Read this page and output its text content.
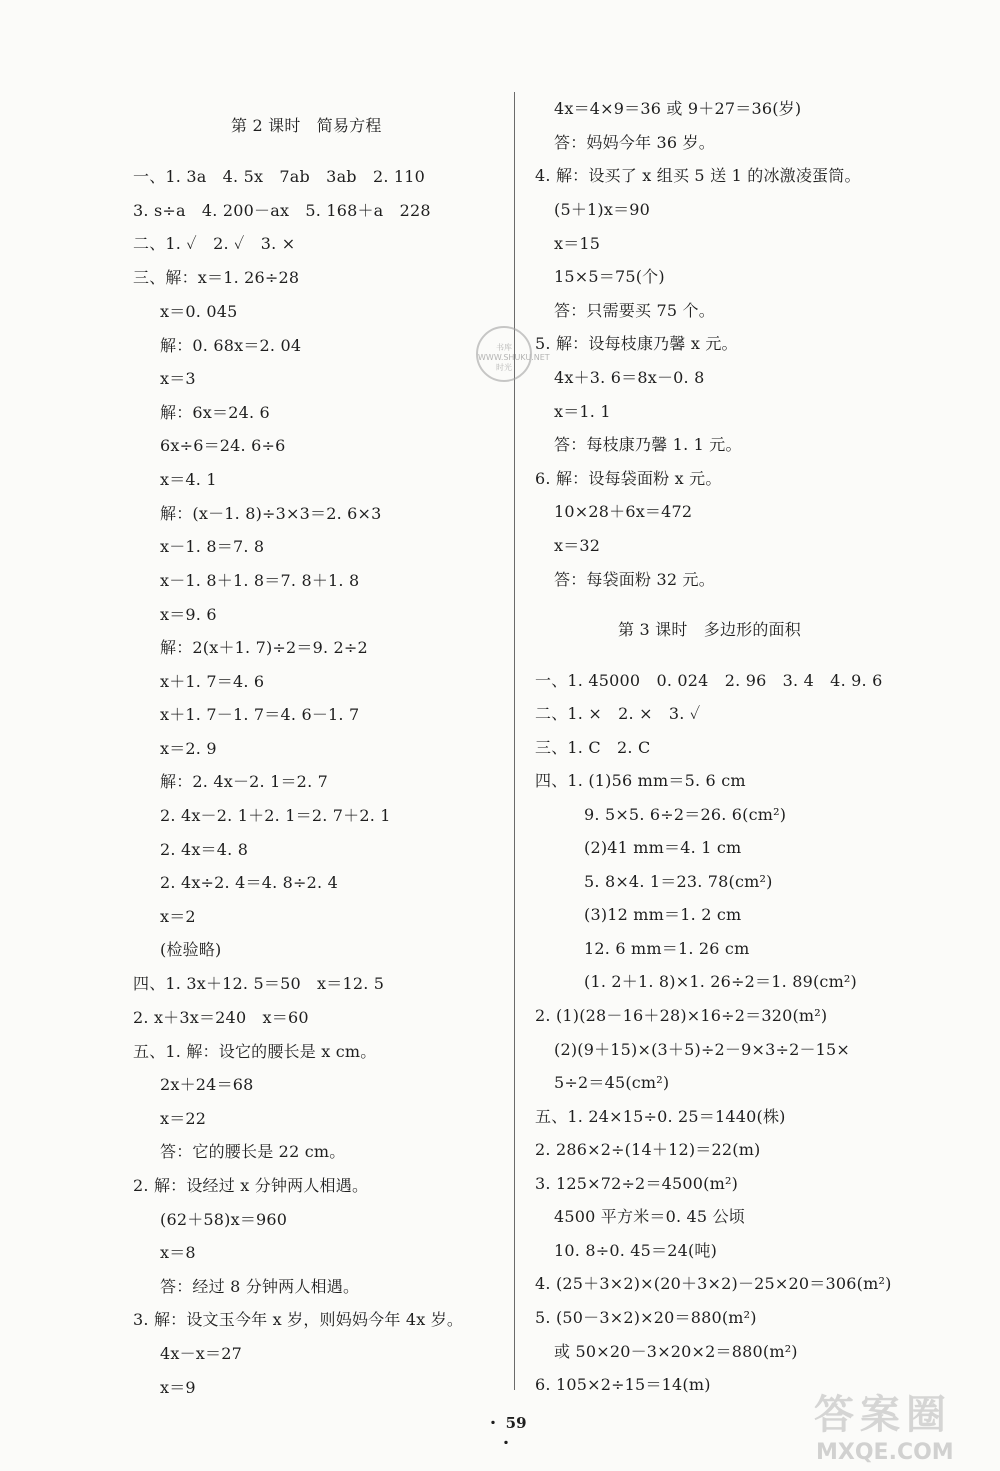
第 2 课时　简易方程
一、1. 3a　4. 5x　7ab　3ab　2. 110
3. s÷a　4. 200－ax　5. 168＋a　228
二、1. ✓　2. ✓　3. ×
三、解：x＝1. 26÷28
x＝0. 045
解：0. 68x＝2. 04
x＝3
解：6x＝24. 6
6x÷6＝24. 6÷6
x＝4. 1
解：(x－1. 8)÷3×3＝2. 6×3
x－1. 8＝7. 8
x－1. 8＋1. 8＝7. 8＋1. 8
x＝9. 6
解：2(x＋1. 7)÷2＝9. 2÷2
x＋1. 7＝4. 6
x＋1. 7－1. 7＝4. 6－1. 7
x＝2. 9
解：2. 4x－2. 1＝2. 7
2. 4x－2. 1＋2. 1＝2. 7＋2. 1
2. 4x＝4. 8
2. 4x÷2. 4＝4. 8÷2. 4
x＝2
(检验略)
四、1. 3x＋12. 5＝50　x＝12. 5
2. x＋3x＝240　x＝60
五、1. 解：设它的腰长是 x cm。
2x＋24＝68
x＝22
答：它的腰长是 22 cm。
2. 解：设经过 x 分钟两人相遇。
(62＋58)x＝960
x＝8
答：经过 8 分钟两人相遇。
3. 解：设文玉今年 x 岁，则妈妈今年 4x 岁。
4x－x＝27
x＝9
4x＝4×9＝36 或 9＋27＝36(岁)
答：妈妈今年 36 岁。
4. 解：设买了 x 组买 5 送 1 的冰激凌蛋筒。
(5＋1)x＝90
x＝15
15×5＝75(个)
答：只需要买 75 个。
5. 解：设每枝康乃馨 x 元。
4x＋3. 6＝8x－0. 8
x＝1. 1
答：每枝康乃馨 1. 1 元。
6. 解：设每袋面粉 x 元。
10×28＋6x＝472
x＝32
答：每袋面粉 32 元。
第 3 课时　多边形的面积
一、1. 45000　0. 024　2. 96　3. 4　4. 9. 6
二、1. ×　2. ×　3. ✓
三、1. C　2. C
四、1. (1)56 mm＝5. 6 cm
9. 5×5. 6÷2＝26. 6(cm²)
(2)41 mm＝4. 1 cm
5. 8×4. 1＝23. 78(cm²)
(3)12 mm＝1. 2 cm
12. 6 mm＝1. 26 cm
(1. 2＋1. 8)×1. 26÷2＝1. 89(cm²)
2. (1)(28－16＋28)×16÷2＝320(m²)
(2)(9＋15)×(3＋5)÷2－9×3÷2－15×
5÷2＝45(cm²)
五、1. 24×15÷0. 25＝1440(株)
2. 286×2÷(14＋12)＝22(m)
3. 125×72÷2＝4500(m²)
4500 平方米＝0. 45 公顷
10. 8÷0. 45＝24(吨)
4. (25＋3×2)×(20＋3×2)－25×20＝306(m²)
5. (50－3×2)×20＝880(m²)
或 50×20－3×20×2＝880(m²)
6. 105×2÷15＝14(m)
书库 WWW.SHUKU.NET 时光

・ 59 ・
答案圈
MXQE.COM
